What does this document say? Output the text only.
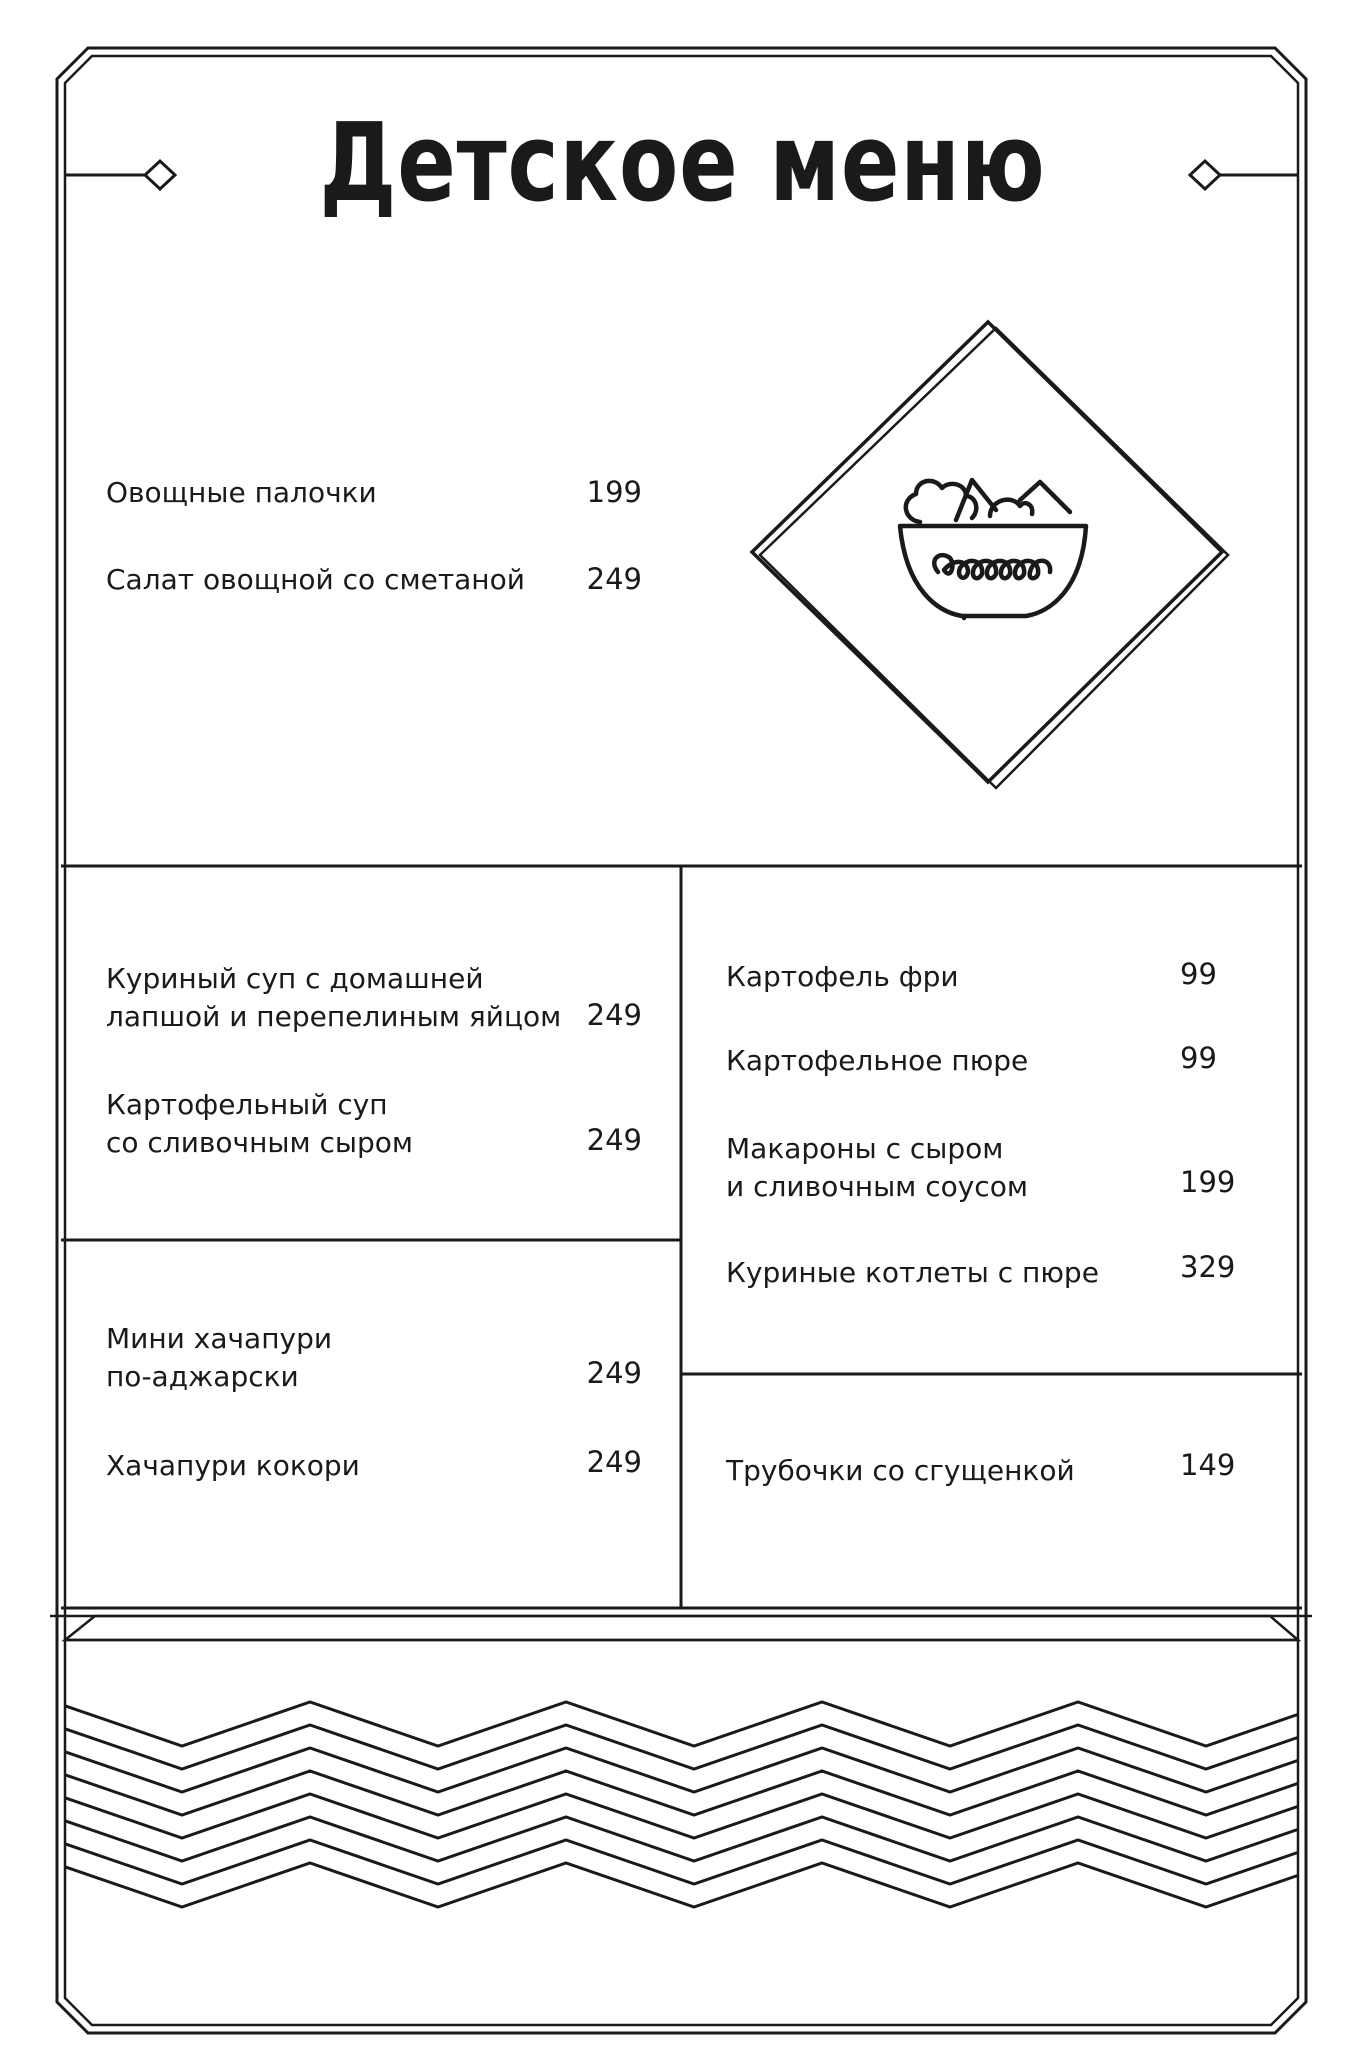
Детское меню
Овощные палочки	199
Салат овощной со сметаной	249
Куриный суп с домашней
лапшой и перепелиным яйцом 249
Картофельный суп
со сливочным сыром	249
Мини хачапури
по-аджарски	249
Хачапури кокори	249
Картофель фри	99
Картофельное пюре	99
Макароны с сыром
и сливочным соусом	199
Куриные котлеты с пюре	329
Трубочки со сгущенкой	149
